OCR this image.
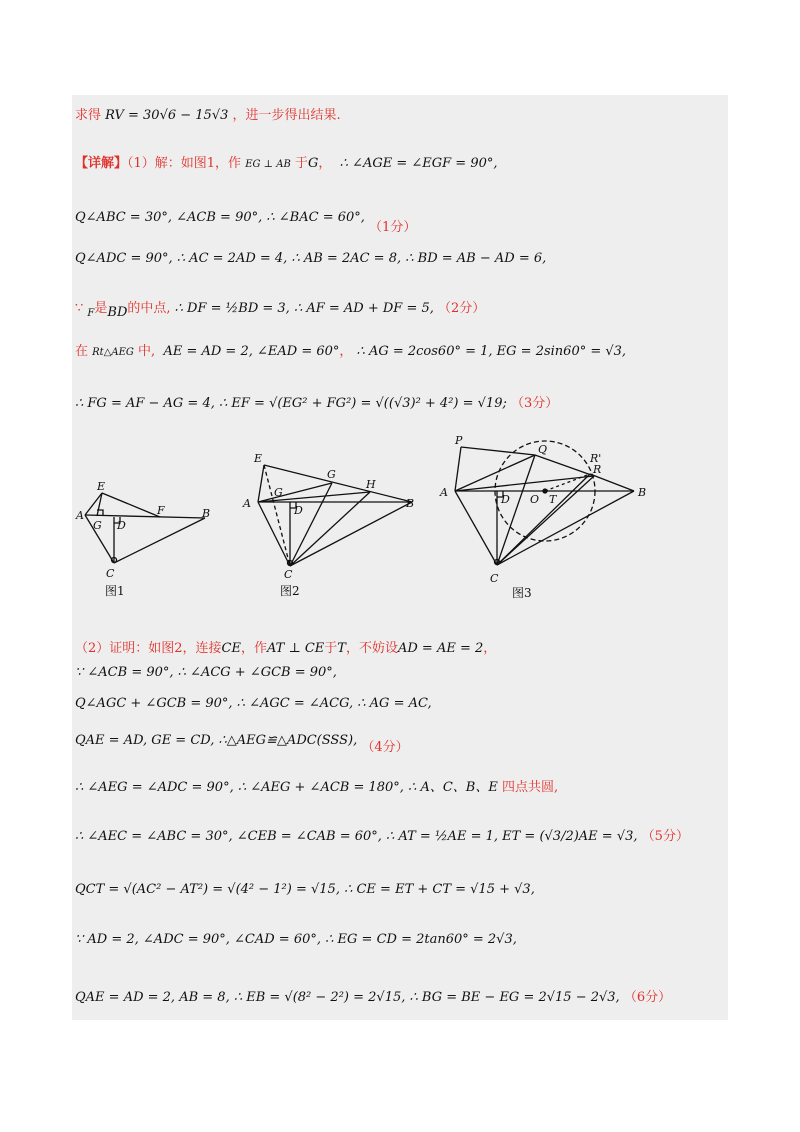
求得 RV = 30√6 − 15√3 ，进一步得出结果.
【详解】（1）解：如图1，作 EG ⊥ AB 于G， ∴ ∠AGE = ∠EGF = 90°,
Q∠ABC = 30°, ∠ACB = 90°, ∴ ∠BAC = 60°, （1分）
Q∠ADC = 90°, ∴ AC = 2AD = 4, ∴ AB = 2AC = 8, ∴ BD = AB − AD = 6,
∵ $_F$是BD的中点, ∴ DF = ½BD = 3, ∴ AF = AD + DF = 5, （2分）
在 Rt△AEG 中, AE = AD = 2, ∠EAD = 60°， ∴ AG = 2cos60° = 1, EG = 2sin60° = √3,
∴ FG = AF − AG = 4, ∴ EF = √(EG² + FG²) = √((√3)² + 4²) = √19; （3分）
E
A
G D
F	B
C
图1
E
G
H
A
G
D
B
C
图2
P
Q
R'
R
A
D O T
B
C
图3
（2）证明：如图2，连接CE，作AT ⊥ CE于T，不妨设AD = AE = 2，
∵ ∠ACB = 90°, ∴ ∠ACG + ∠GCB = 90°,
Q∠AGC + ∠GCB = 90°, ∴ ∠AGC = ∠ACG, ∴ AG = AC,
QAE = AD, GE = CD, ∴△AEG≌△ADC(SSS), （4分）
∴ ∠AEG = ∠ADC = 90°, ∴ ∠AEG + ∠ACB = 180°, ∴ A、C、B、E 四点共圆,
∴ ∠AEC = ∠ABC = 30°, ∠CEB = ∠CAB = 60°, ∴ AT = ½AE = 1, ET = (√3/2)AE = √3, （5分）
QCT = √(AC² − AT²) = √(4² − 1²) = √15, ∴ CE = ET + CT = √15 + √3,
∵ AD = 2, ∠ADC = 90°, ∠CAD = 60°, ∴ EG = CD = 2tan60° = 2√3,
QAE = AD = 2, AB = 8, ∴ EB = √(8² − 2²) = 2√15, ∴ BG = BE − EG = 2√15 − 2√3, （6分）
